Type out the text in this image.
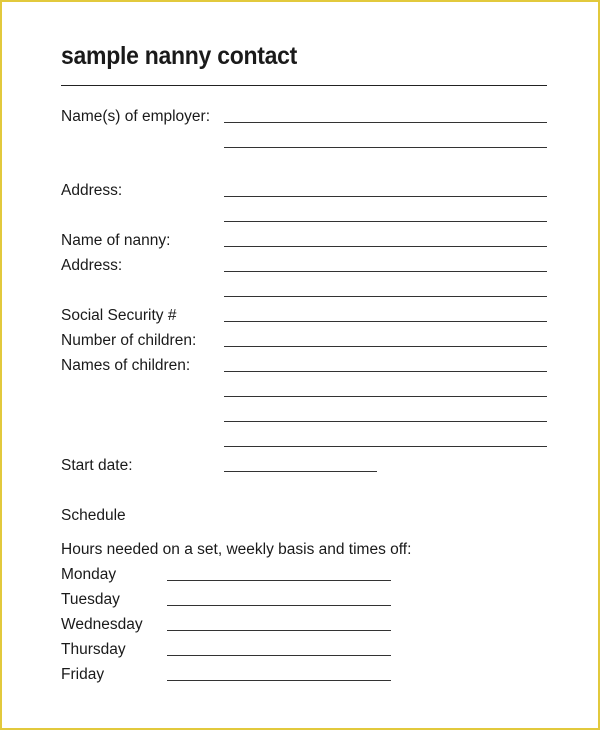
sample nanny contact
Name(s) of employer:
Address:
Name of nanny:
Address:
Social Security #
Number of children:
Names of children:
Start date:
Schedule
Hours needed on a set, weekly basis and times off:
Monday
Tuesday
Wednesday
Thursday
Friday
